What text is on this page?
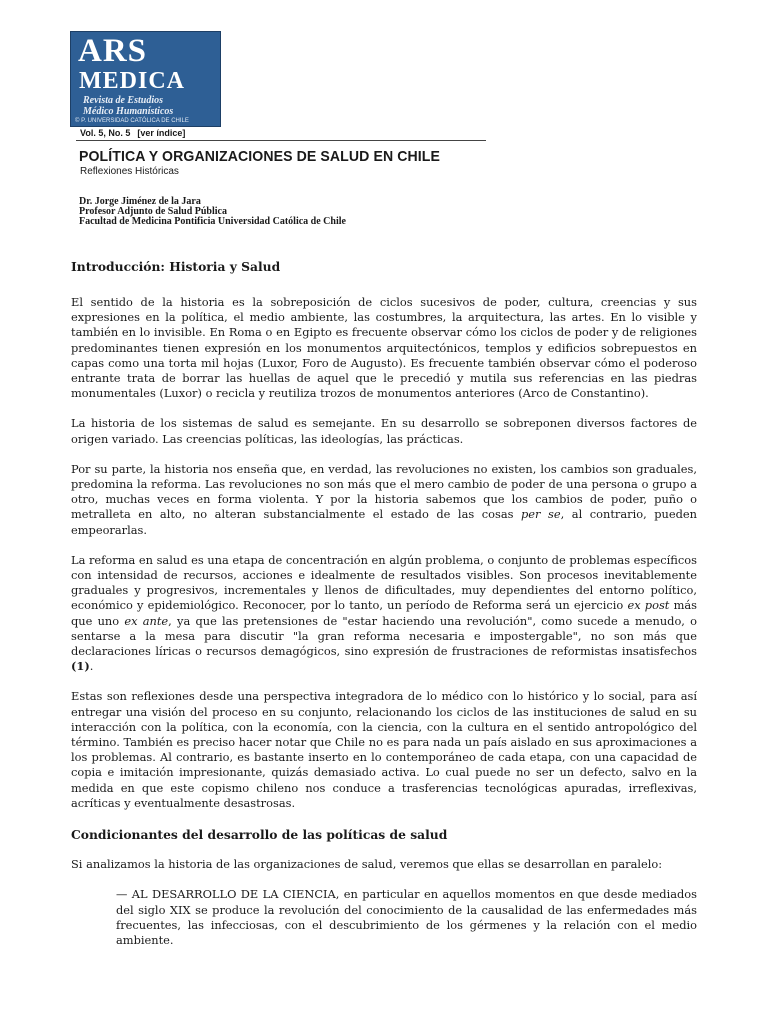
ARS
MEDICA
Revista de Estudios
Médico Humanísticos
© P. UNIVERSIDAD CATÓLICA DE CHILE
Vol. 5, No. 5 [ver índice]
POLÍTICA Y ORGANIZACIONES DE SALUD EN CHILE
Reflexiones Históricas
Dr. Jorge Jiménez de la Jara
Profesor Adjunto de Salud Pública
Facultad de Medicina Pontificia Universidad Católica de Chile
Introducción: Historia y Salud

El sentido de la historia es la sobreposición de ciclos sucesivos de poder, cultura, creencias y sus expresiones en la política, el medio ambiente, las costumbres, la arquitectura, las artes. En lo visible y también en lo invisible. En Roma o en Egipto es frecuente observar cómo los ciclos de poder y de religiones predominantes tienen expresión en los monumentos arquitectónicos, templos y edificios sobrepuestos en capas como una torta mil hojas (Luxor, Foro de Augusto). Es frecuente también observar cómo el poderoso entrante trata de borrar las huellas de aquel que le precedió y mutila sus referencias en las piedras monumentales (Luxor) o recicla y reutiliza trozos de monumentos anteriores (Arco de Constantino).

La historia de los sistemas de salud es semejante. En su desarrollo se sobreponen diversos factores de origen variado. Las creencias políticas, las ideologías, las prácticas.

Por su parte, la historia nos enseña que, en verdad, las revoluciones no existen, los cambios son graduales, predomina la reforma. Las revoluciones no son más que el mero cambio de poder de una persona o grupo a otro, muchas veces en forma violenta. Y por la historia sabemos que los cambios de poder, puño o metralleta en alto, no alteran substancialmente el estado de las cosas per se, al contrario, pueden empeorarlas.

La reforma en salud es una etapa de concentración en algún problema, o conjunto de problemas específicos con intensidad de recursos, acciones e idealmente de resultados visibles. Son procesos inevitablemente graduales y progresivos, incrementales y llenos de dificultades, muy dependientes del entorno político, económico y epidemiológico. Reconocer, por lo tanto, un período de Reforma será un ejercicio ex post más que uno ex ante, ya que las pretensiones de "estar haciendo una revolución", como sucede a menudo, o sentarse a la mesa para discutir "la gran reforma necesaria e impostergable", no son más que declaraciones líricas o recursos demagógicos, sino expresión de frustraciones de reformistas insatisfechos (1).

Estas son reflexiones desde una perspectiva integradora de lo médico con lo histórico y lo social, para así entregar una visión del proceso en su conjunto, relacionando los ciclos de las instituciones de salud en su interacción con la política, con la economía, con la ciencia, con la cultura en el sentido antropológico del término. También es preciso hacer notar que Chile no es para nada un país aislado en sus aproximaciones a los problemas. Al contrario, es bastante inserto en lo contemporáneo de cada etapa, con una capacidad de copia e imitación impresionante, quizás demasiado activa. Lo cual puede no ser un defecto, salvo en la medida en que este copismo chileno nos conduce a trasferencias tecnológicas apuradas, irreflexivas, acríticas y eventualmente desastrosas.

Condicionantes del desarrollo de las políticas de salud

Si analizamos la historia de las organizaciones de salud, veremos que ellas se desarrollan en paralelo:

— AL DESARROLLO DE LA CIENCIA, en particular en aquellos momentos en que desde mediados del siglo XIX se produce la revolución del conocimiento de la causalidad de las enfermedades más frecuentes, las infecciosas, con el descubrimiento de los gérmenes y la relación con el medio ambiente.
